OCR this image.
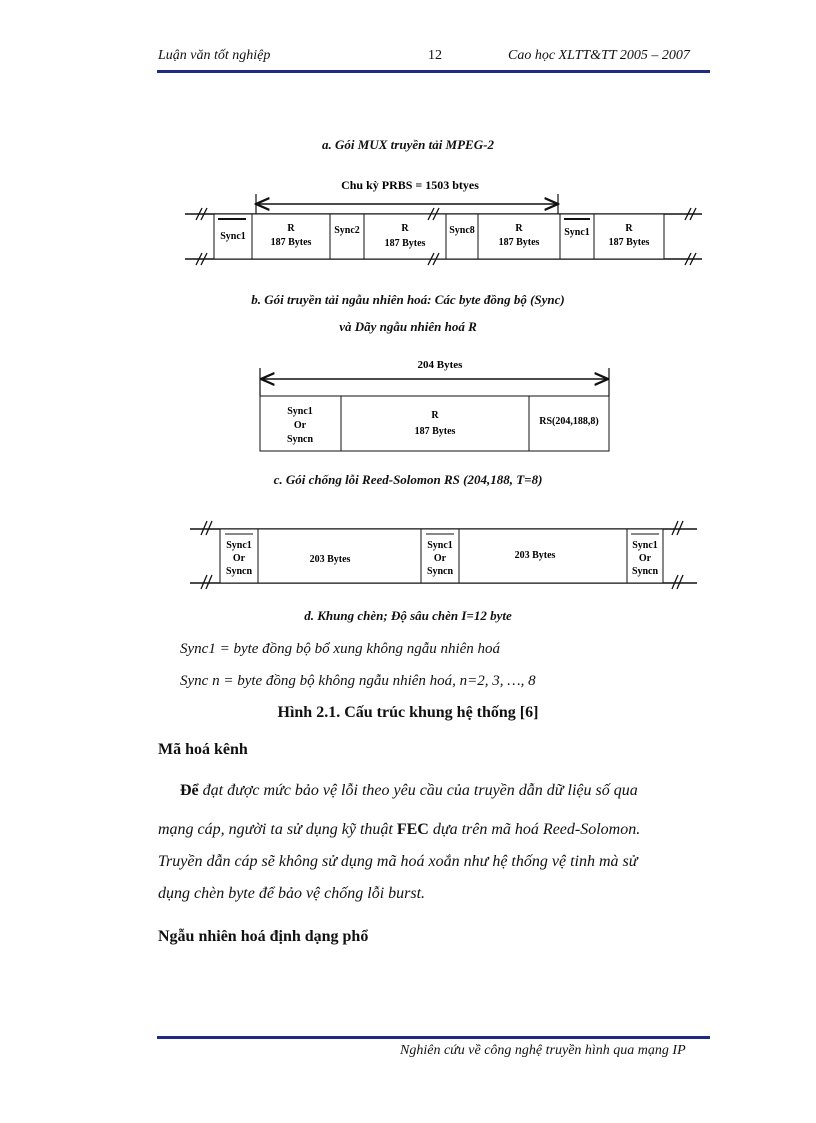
Luận văn tốt nghiệp	12	Cao học XLTT&TT 2005 – 2007
a. Gói MUX truyền tải MPEG-2
Chu kỳ PRBS = 1503 btyes
Sync1
R
187 Bytes
Sync2	R
187 Bytes
Sync8	R
187 Bytes
Sync1	R
187 Bytes
b. Gói truyền tải ngẫu nhiên hoá: Các byte đồng bộ (Sync)
và Dãy ngẫu nhiên hoá R
204 Bytes
Sync1
Or
Syncn
R
187 Bytes
RS(204,188,8)
c. Gói chống lỗi Reed-Solomon RS (204,188, T=8)
Sync1
Or
Syncn
203 Bytes
Sync1
Or
Syncn
203 Bytes
Sync1
Or
Syncn
d. Khung chèn; Độ sâu chèn I=12 byte
Sync1 = byte đồng bộ bổ xung không ngẫu nhiên hoá
Sync n = byte đồng bộ không ngẫu nhiên hoá, n=2, 3, …, 8
Hình 2.1. Cấu trúc khung hệ thống [6]
Mã hoá kênh
Để đạt được mức bảo vệ lỗi theo yêu cầu của truyền dẫn dữ liệu số qua
mạng cáp, người ta sử dụng kỹ thuật FEC dựa trên mã hoá Reed-Solomon.
Truyền dẫn cáp sẽ không sử dụng mã hoá xoắn như hệ thống vệ tinh mà sử
dụng chèn byte để bảo vệ chống lỗi burst.
Ngẫu nhiên hoá định dạng phổ
Nghiên cứu về công nghệ truyền hình qua mạng IP
